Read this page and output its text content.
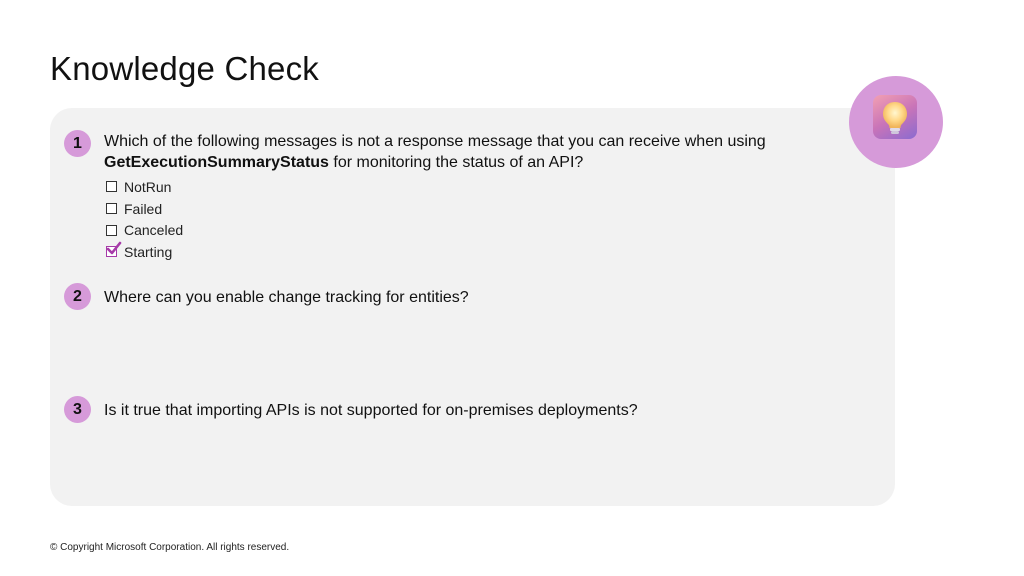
Knowledge Check
1	Which of the following messages is not a response message that you can receive when using
GetExecutionSummaryStatus for monitoring the status of an API?
NotRun
Failed
Canceled
Starting
2	Where can you enable change tracking for entities?
3	Is it true that importing APIs is not supported for on-premises deployments?
© Copyright Microsoft Corporation. All rights reserved.
